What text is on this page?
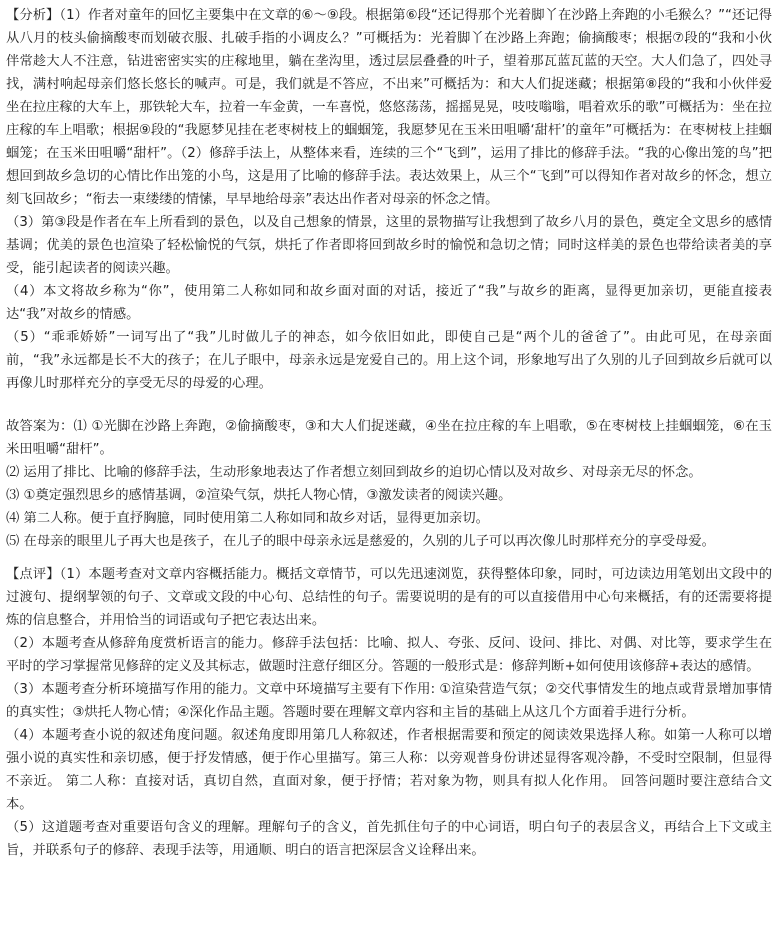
【分析】（1）作者对童年的回忆主要集中在文章的⑥～⑨段。根据第⑥段“还记得那个光着脚丫在沙路上奔跑的小毛猴么？”“还记得从八月的枝头偷摘酸枣而划破衣服、扎破手指的小调皮么？”可概括为：光着脚丫在沙路上奔跑；偷摘酸枣；根据⑦段的“我和小伙伴常趁大人不注意，钻进密密实实的庄稼地里，躺在垄沟里，透过层层叠叠的叶子，望着那瓦蓝瓦蓝的天空。大人们急了，四处寻找，满村响起母亲们悠长悠长的喊声。可是，我们就是不答应，不出来”可概括为：和大人们捉迷藏；根据第⑧段的“我和小伙伴爱坐在拉庄稼的大车上，那铁轮大车，拉着一车金黄，一车喜悦，悠悠荡荡，摇摇晃晃，吱吱嗡嗡，唱着欢乐的歌”可概括为：坐在拉庄稼的车上唱歌；根据⑨段的“我愿梦见挂在老枣树枝上的蝈蝈笼，我愿梦见在玉米田咀嚼‘甜杆’的童年”可概括为：在枣树枝上挂蝈蝈笼；在玉米田咀嚼“甜杆”。（2）修辞手法上，从整体来看，连续的三个“飞到”，运用了排比的修辞手法。“我的心像出笼的鸟”把想回到故乡急切的心情比作出笼的小鸟，这是用了比喻的修辞手法。表达效果上，从三个“飞到”可以得知作者对故乡的怀念，想立刻飞回故乡；“衔去一束缕缕的情愫，早早地给母亲”表达出作者对母亲的怀念之情。

（3）第③段是作者在车上所看到的景色，以及自己想象的情景，这里的景物描写让我想到了故乡八月的景色，奠定全文思乡的感情基调；优美的景色也渲染了轻松愉悦的气氛，烘托了作者即将回到故乡时的愉悦和急切之情；同时这样美的景色也带给读者美的享受，能引起读者的阅读兴趣。

（4）本文将故乡称为“你”，使用第二人称如同和故乡面对面的对话，接近了“我”与故乡的距离，显得更加亲切，更能直接表达“我”对故乡的情感。

（5）“乖乖娇娇”一词写出了“我”儿时做儿子的神态，如今依旧如此，即使自己是“两个儿的爸爸了”。由此可见，在母亲面前，“我”永远都是长不大的孩子；在儿子眼中，母亲永远是宠爱自己的。用上这个词，形象地写出了久别的儿子回到故乡后就可以再像儿时那样充分的享受无尽的母爱的心理。

故答案为：⑴ ①光脚在沙路上奔跑，②偷摘酸枣，③和大人们捉迷藏，④坐在拉庄稼的车上唱歌，⑤在枣树枝上挂蝈蝈笼，⑥在玉米田咀嚼“甜杆”。

⑵ 运用了排比、比喻的修辞手法，生动形象地表达了作者想立刻回到故乡的迫切心情以及对故乡、对母亲无尽的怀念。

⑶ ①奠定强烈思乡的感情基调，②渲染气氛，烘托人物心情，③激发读者的阅读兴趣。

⑷ 第二人称。便于直抒胸臆，同时使用第二人称如同和故乡对话，显得更加亲切。

⑸ 在母亲的眼里儿子再大也是孩子，在儿子的眼中母亲永远是慈爱的，久别的儿子可以再次像儿时那样充分的享受母爱。

【点评】（1）本题考查对文章内容概括能力。概括文章情节，可以先迅速浏览，获得整体印象，同时，可边读边用笔划出文段中的过渡句、提纲挈领的句子、文章或文段的中心句、总结性的句子。需要说明的是有的可以直接借用中心句来概括，有的还需要将提炼的信息整合，并用恰当的词语或句子把它表达出来。

（2）本题考查从修辞角度赏析语言的能力。修辞手法包括：比喻、拟人、夸张、反问、设问、排比、对偶、对比等，要求学生在平时的学习掌握常见修辞的定义及其标志，做题时注意仔细区分。答题的一般形式是：修辞判断+如何使用该修辞+表达的感情。

（3）本题考查分析环境描写作用的能力。文章中环境描写主要有下作用: ①渲染营造气氛；②交代事情发生的地点或背景增加事情的真实性；③烘托人物心情；④深化作品主题。答题时要在理解文章内容和主旨的基础上从这几个方面着手进行分析。

（4）本题考查小说的叙述角度问题。叙述角度即用第几人称叙述，作者根据需要和预定的阅读效果选择人称。如第一人称可以增强小说的真实性和亲切感，便于抒发情感，便于作心里描写。第三人称：以旁观普身份讲述显得客观冷静，不受时空限制，但显得不亲近。 第二人称：直接对话，真切自然，直面对象，便于抒情；若对象为物，则具有拟人化作用。 回答问题时要注意结合文本。

（5）这道题考查对重要语句含义的理解。理解句子的含义，首先抓住句子的中心词语，明白句子的表层含义，再结合上下文或主旨，并联系句子的修辞、表现手法等，用通顺、明白的语言把深层含义诠释出来。
